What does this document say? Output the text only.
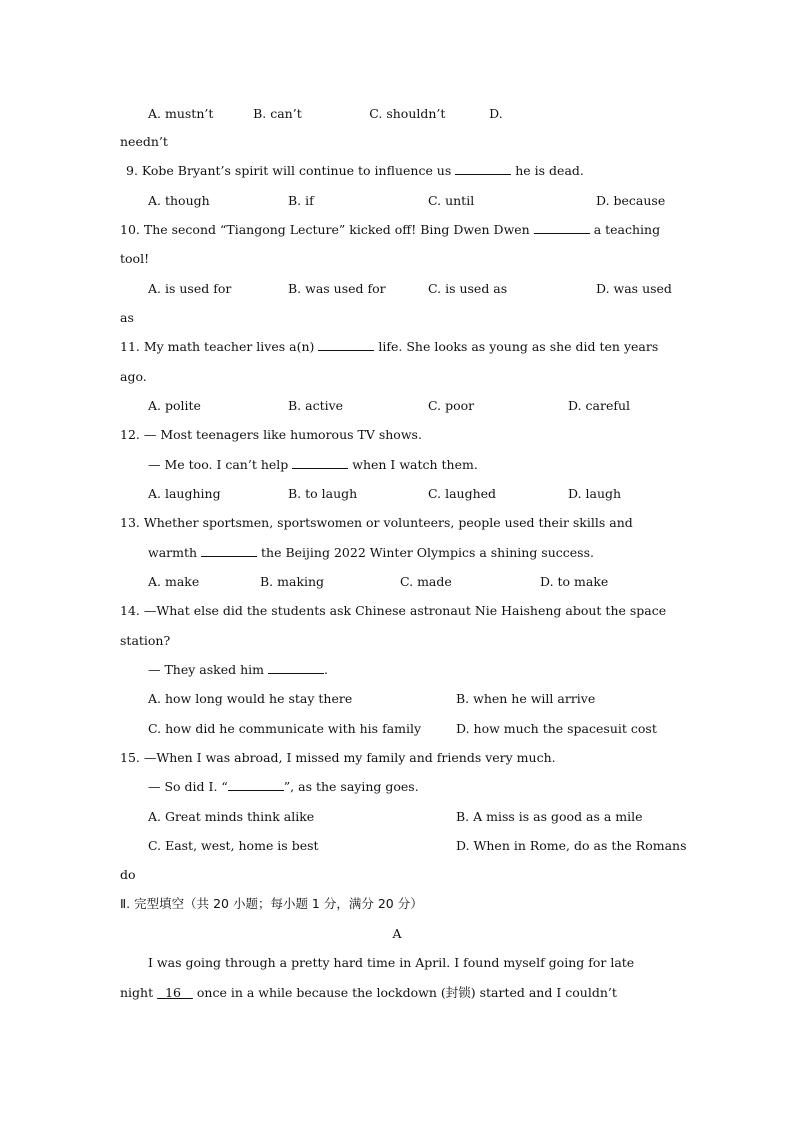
A. mustn’t          B. can’t                 C. shouldn’t           D.
needn’t
9. Kobe Bryant’s spirit will continue to influence us	he is dead.
A. though	B. if	C. until	D. because
10. The second “Tiangong Lecture” kicked off! Bing Dwen Dwen	a teaching
tool!
A. is used for	B. was used for	C. is used as	D. was used
as
11. My math teacher lives a(n)	life. She looks as young as she did ten years
ago.
A. polite	B. active	C. poor	D. careful
12. — Most teenagers like humorous TV shows.
— Me too. I can’t help	when I watch them.
A. laughing	B. to laugh	C. laughed	D. laugh
13. Whether sportsmen, sportswomen or volunteers, people used their skills and
warmth	the Beijing 2022 Winter Olympics a shining success.
A. make	B. making	C. made	D. to make
14. —What else did the students ask Chinese astronaut Nie Haisheng about the space
station?
— They asked him	.
A. how long would he stay there	B. when he will arrive
C. how did he communicate with his family	D. how much the spacesuit cost
15. —When I was abroad, I missed my family and friends very much.
— So did I. “	”, as the saying goes.
A. Great minds think alike	B. A miss is as good as a mile
C. East, west, home is best	D. When in Rome, do as the Romans
do
Ⅱ. 完型填空（共 20 小题；每小题 1 分，满分 20 分）
A
I was going through a pretty hard time in April. I found myself going for late
night 16 once in a while because the lockdown (封锁) started and I couldn’t
